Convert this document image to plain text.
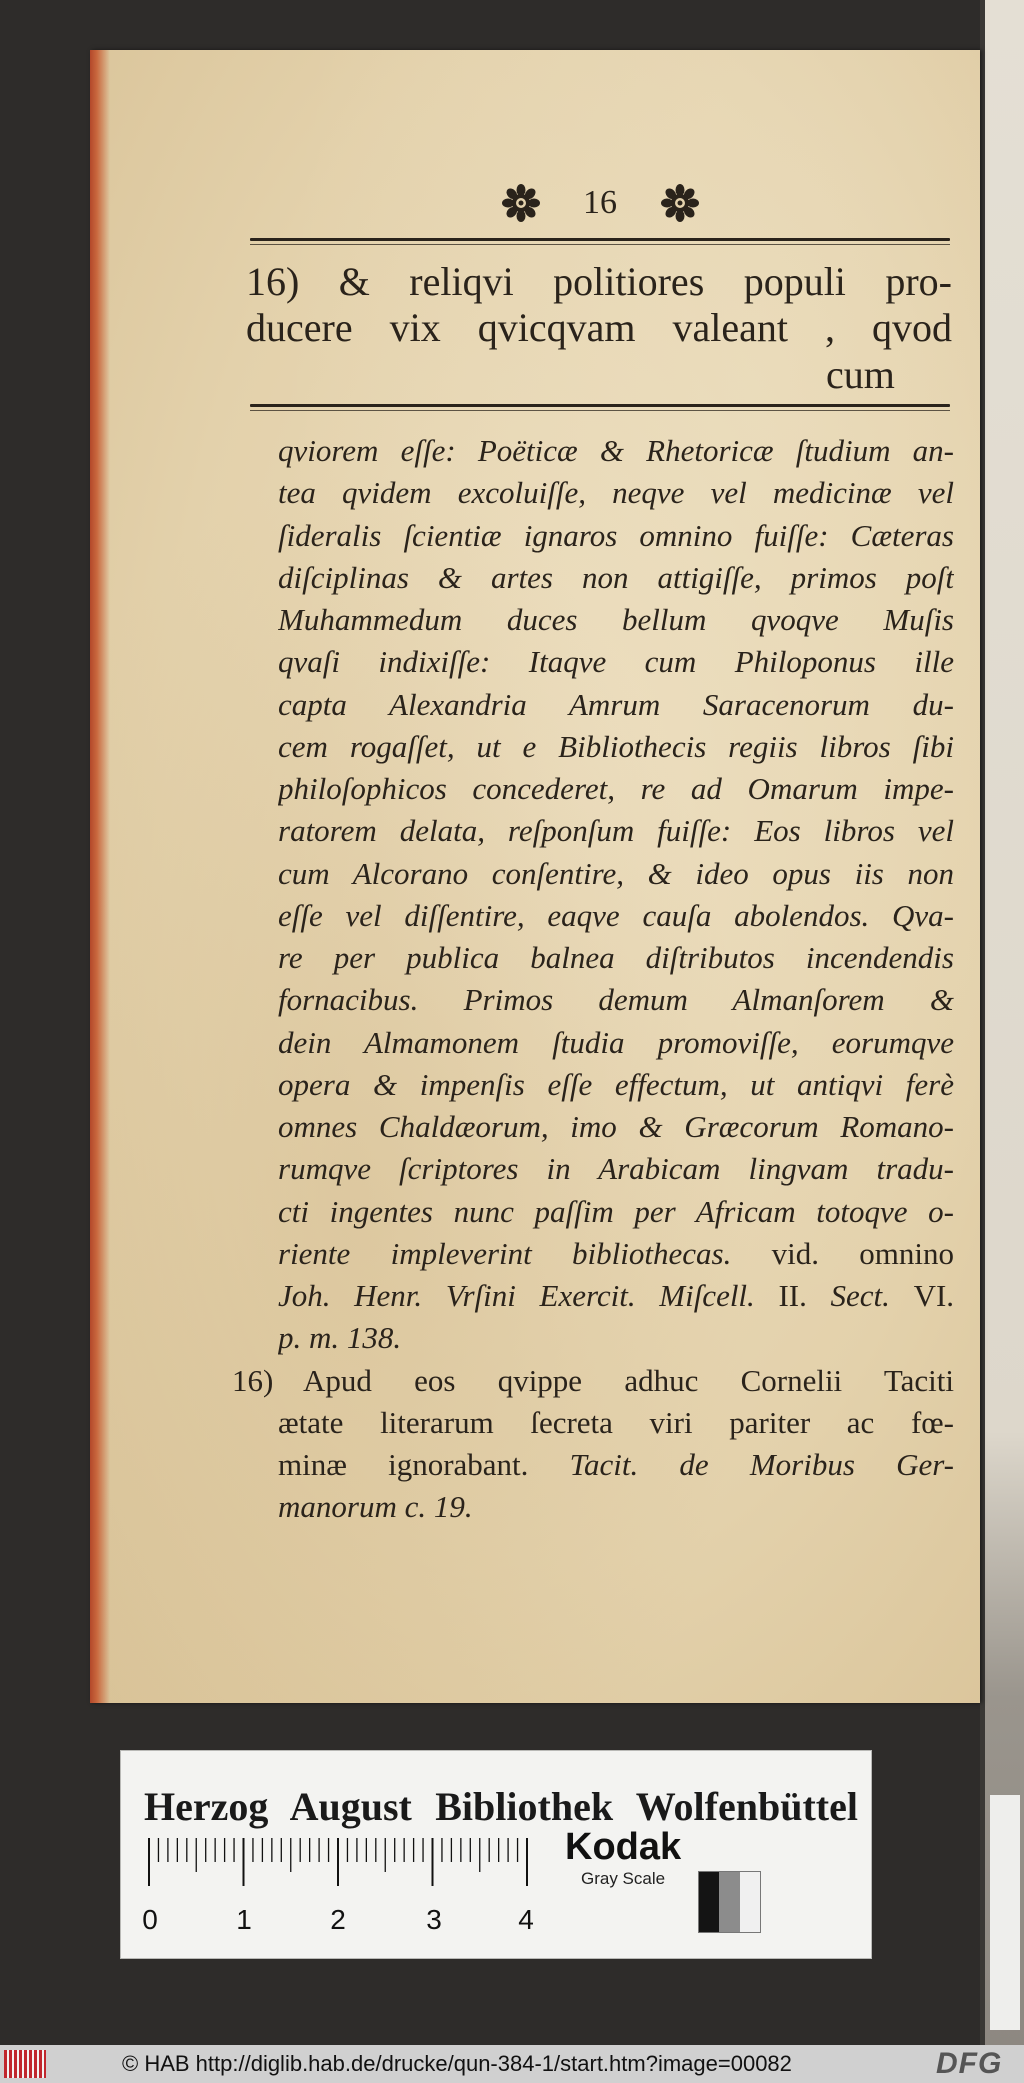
16
16) & reliqvi politiores populi pro-
ducere vix qvicqvam valeant , qvod
cum
qviorem eſſe: Poëticæ & Rhetoricæ ſtudium an-
tea qvidem excoluiſſe, neqve vel medicinæ vel
ſideralis ſcientiæ ignaros omnino fuiſſe: Cæteras
diſciplinas & artes non attigiſſe, primos poſt
Muhammedum duces bellum qvoqve Muſis
qvaſi indixiſſe: Itaqve cum Philoponus ille
capta Alexandria Amrum Saracenorum du-
cem rogaſſet, ut e Bibliothecis regiis libros ſibi
philoſophicos concederet, re ad Omarum impe-
ratorem delata, reſponſum fuiſſe: Eos libros vel
cum Alcorano conſentire, & ideo opus iis non
eſſe vel diſſentire, eaqve cauſa abolendos. Qva-
re per publica balnea diſtributos incendendis
fornacibus. Primos demum Almanſorem &
dein Almamonem ſtudia promoviſſe, eorumqve
opera & impenſis eſſe effectum, ut antiqvi ferè
omnes Chaldæorum, imo & Græcorum Romano-
rumqve ſcriptores in Arabicam lingvam tradu-
cti ingentes nunc paſſim per Africam totoqve o-
riente impleverint bibliothecas. vid. omnino
Joh. Henr. Vrſini Exercit. Miſcell. II. Sect. VI.
p. m. 138.
16) Apud eos qvippe adhuc Cornelii Taciti
ætate literarum ſecreta viri pariter ac fœ-
minæ ignorabant. Tacit. de Moribus Ger-
manorum c. 19.
Herzog August Bibliothek Wolfenbüttel
0	1	2	3	4
Kodak
Gray Scale
© HAB http://diglib.hab.de/drucke/qun-384-1/start.htm?image=00082	DFG
